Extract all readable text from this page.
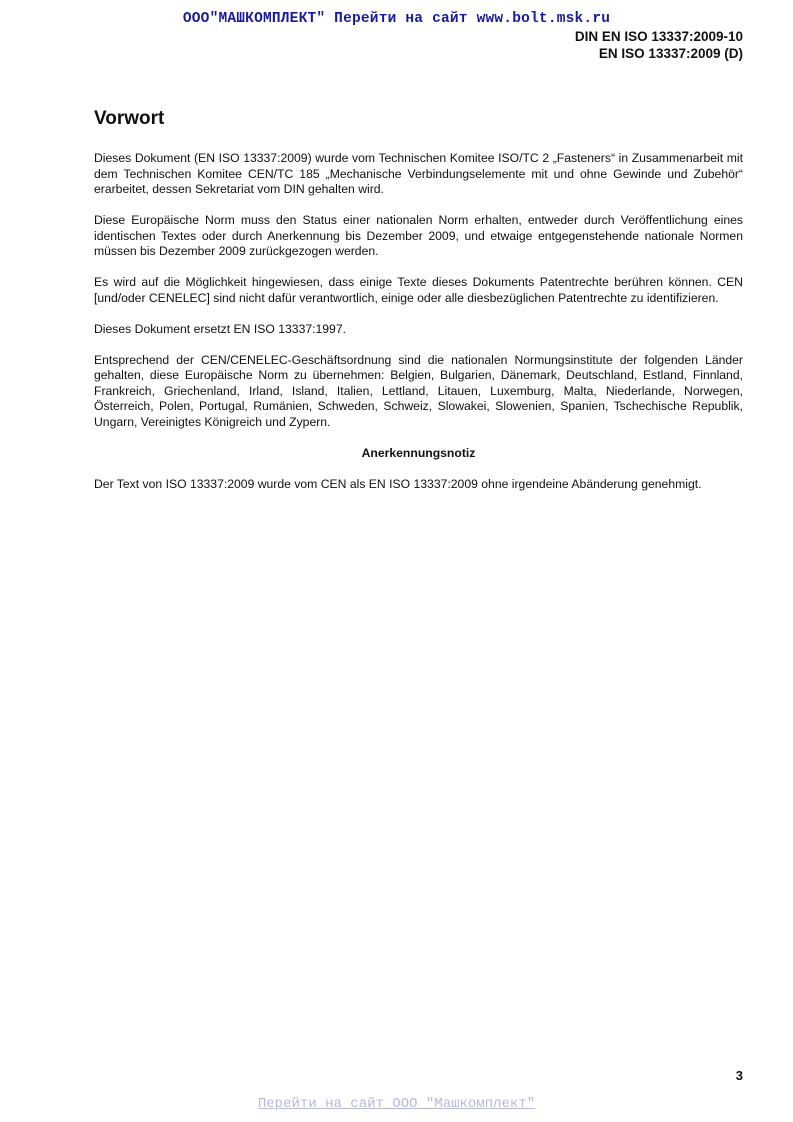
ООО"МАШКОМПЛЕКТ" Перейти на сайт www.bolt.msk.ru
DIN EN ISO 13337:2009-10
EN ISO 13337:2009 (D)
Vorwort

Dieses Dokument (EN ISO 13337:2009) wurde vom Technischen Komitee ISO/TC 2 „Fasteners“ in Zusammenarbeit mit dem Technischen Komitee CEN/TC 185 „Mechanische Verbindungselemente mit und ohne Gewinde und Zubehör“ erarbeitet, dessen Sekretariat vom DIN gehalten wird.

Diese Europäische Norm muss den Status einer nationalen Norm erhalten, entweder durch Veröffentlichung eines identischen Textes oder durch Anerkennung bis Dezember 2009, und etwaige entgegenstehende nationale Normen müssen bis Dezember 2009 zurückgezogen werden.

Es wird auf die Möglichkeit hingewiesen, dass einige Texte dieses Dokuments Patentrechte berühren können. CEN [und/oder CENELEC] sind nicht dafür verantwortlich, einige oder alle diesbezüglichen Patentrechte zu identifizieren.

Dieses Dokument ersetzt EN ISO 13337:1997.

Entsprechend der CEN/CENELEC-Geschäftsordnung sind die nationalen Normungsinstitute der folgenden Länder gehalten, diese Europäische Norm zu übernehmen: Belgien, Bulgarien, Dänemark, Deutschland, Estland, Finnland, Frankreich, Griechenland, Irland, Island, Italien, Lettland, Litauen, Luxemburg, Malta, Niederlande, Norwegen, Österreich, Polen, Portugal, Rumänien, Schweden, Schweiz, Slowakei, Slowenien, Spanien, Tschechische Republik, Ungarn, Vereinigtes Königreich und Zypern.

Anerkennungsnotiz

Der Text von ISO 13337:2009 wurde vom CEN als EN ISO 13337:2009 ohne irgendeine Abänderung genehmigt.

3
Перейти на сайт ООО "Машкомплект"
